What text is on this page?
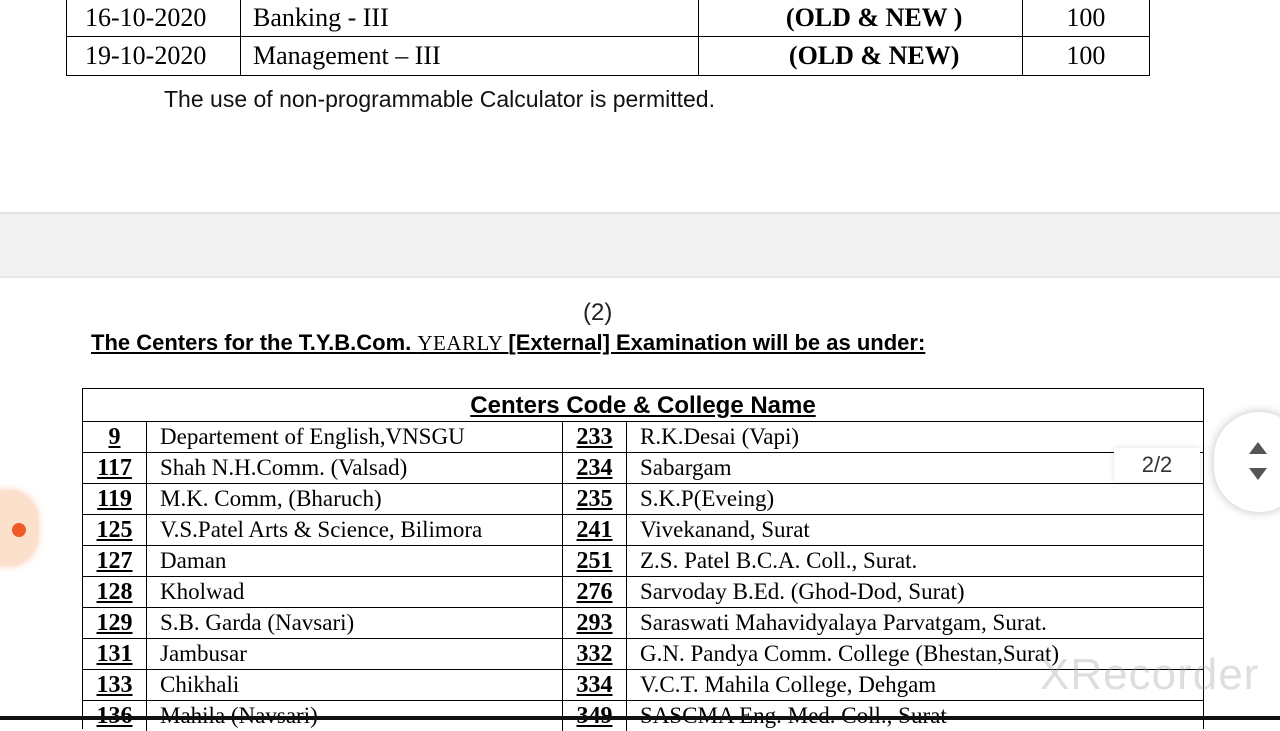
16-10-2020	Banking - III	(OLD & NEW )	100
19-10-2020	Management – III	(OLD & NEW)	100
The use of non-programmable Calculator is permitted.
(2)
The Centers for the T.Y.B.Com. YEARLY [External] Examination will be as under:
Centers Code & College Name
9	Departement of English,VNSGU	233	R.K.Desai (Vapi)
117	Shah N.H.Comm. (Valsad)	234	Sabargam
119	M.K. Comm, (Bharuch)	235	S.K.P(Eveing)
125	V.S.Patel Arts & Science, Bilimora	241	Vivekanand, Surat
127	Daman	251	Z.S. Patel B.C.A. Coll., Surat.
128	Kholwad	276	Sarvoday B.Ed. (Ghod-Dod, Surat)
129	S.B. Garda (Navsari)	293	Saraswati Mahavidyalaya Parvatgam, Surat.
131	Jambusar	332	G.N. Pandya Comm. College (Bhestan,Surat)
133	Chikhali	334	V.C.T. Mahila College, Dehgam

2/2
XRecorder
